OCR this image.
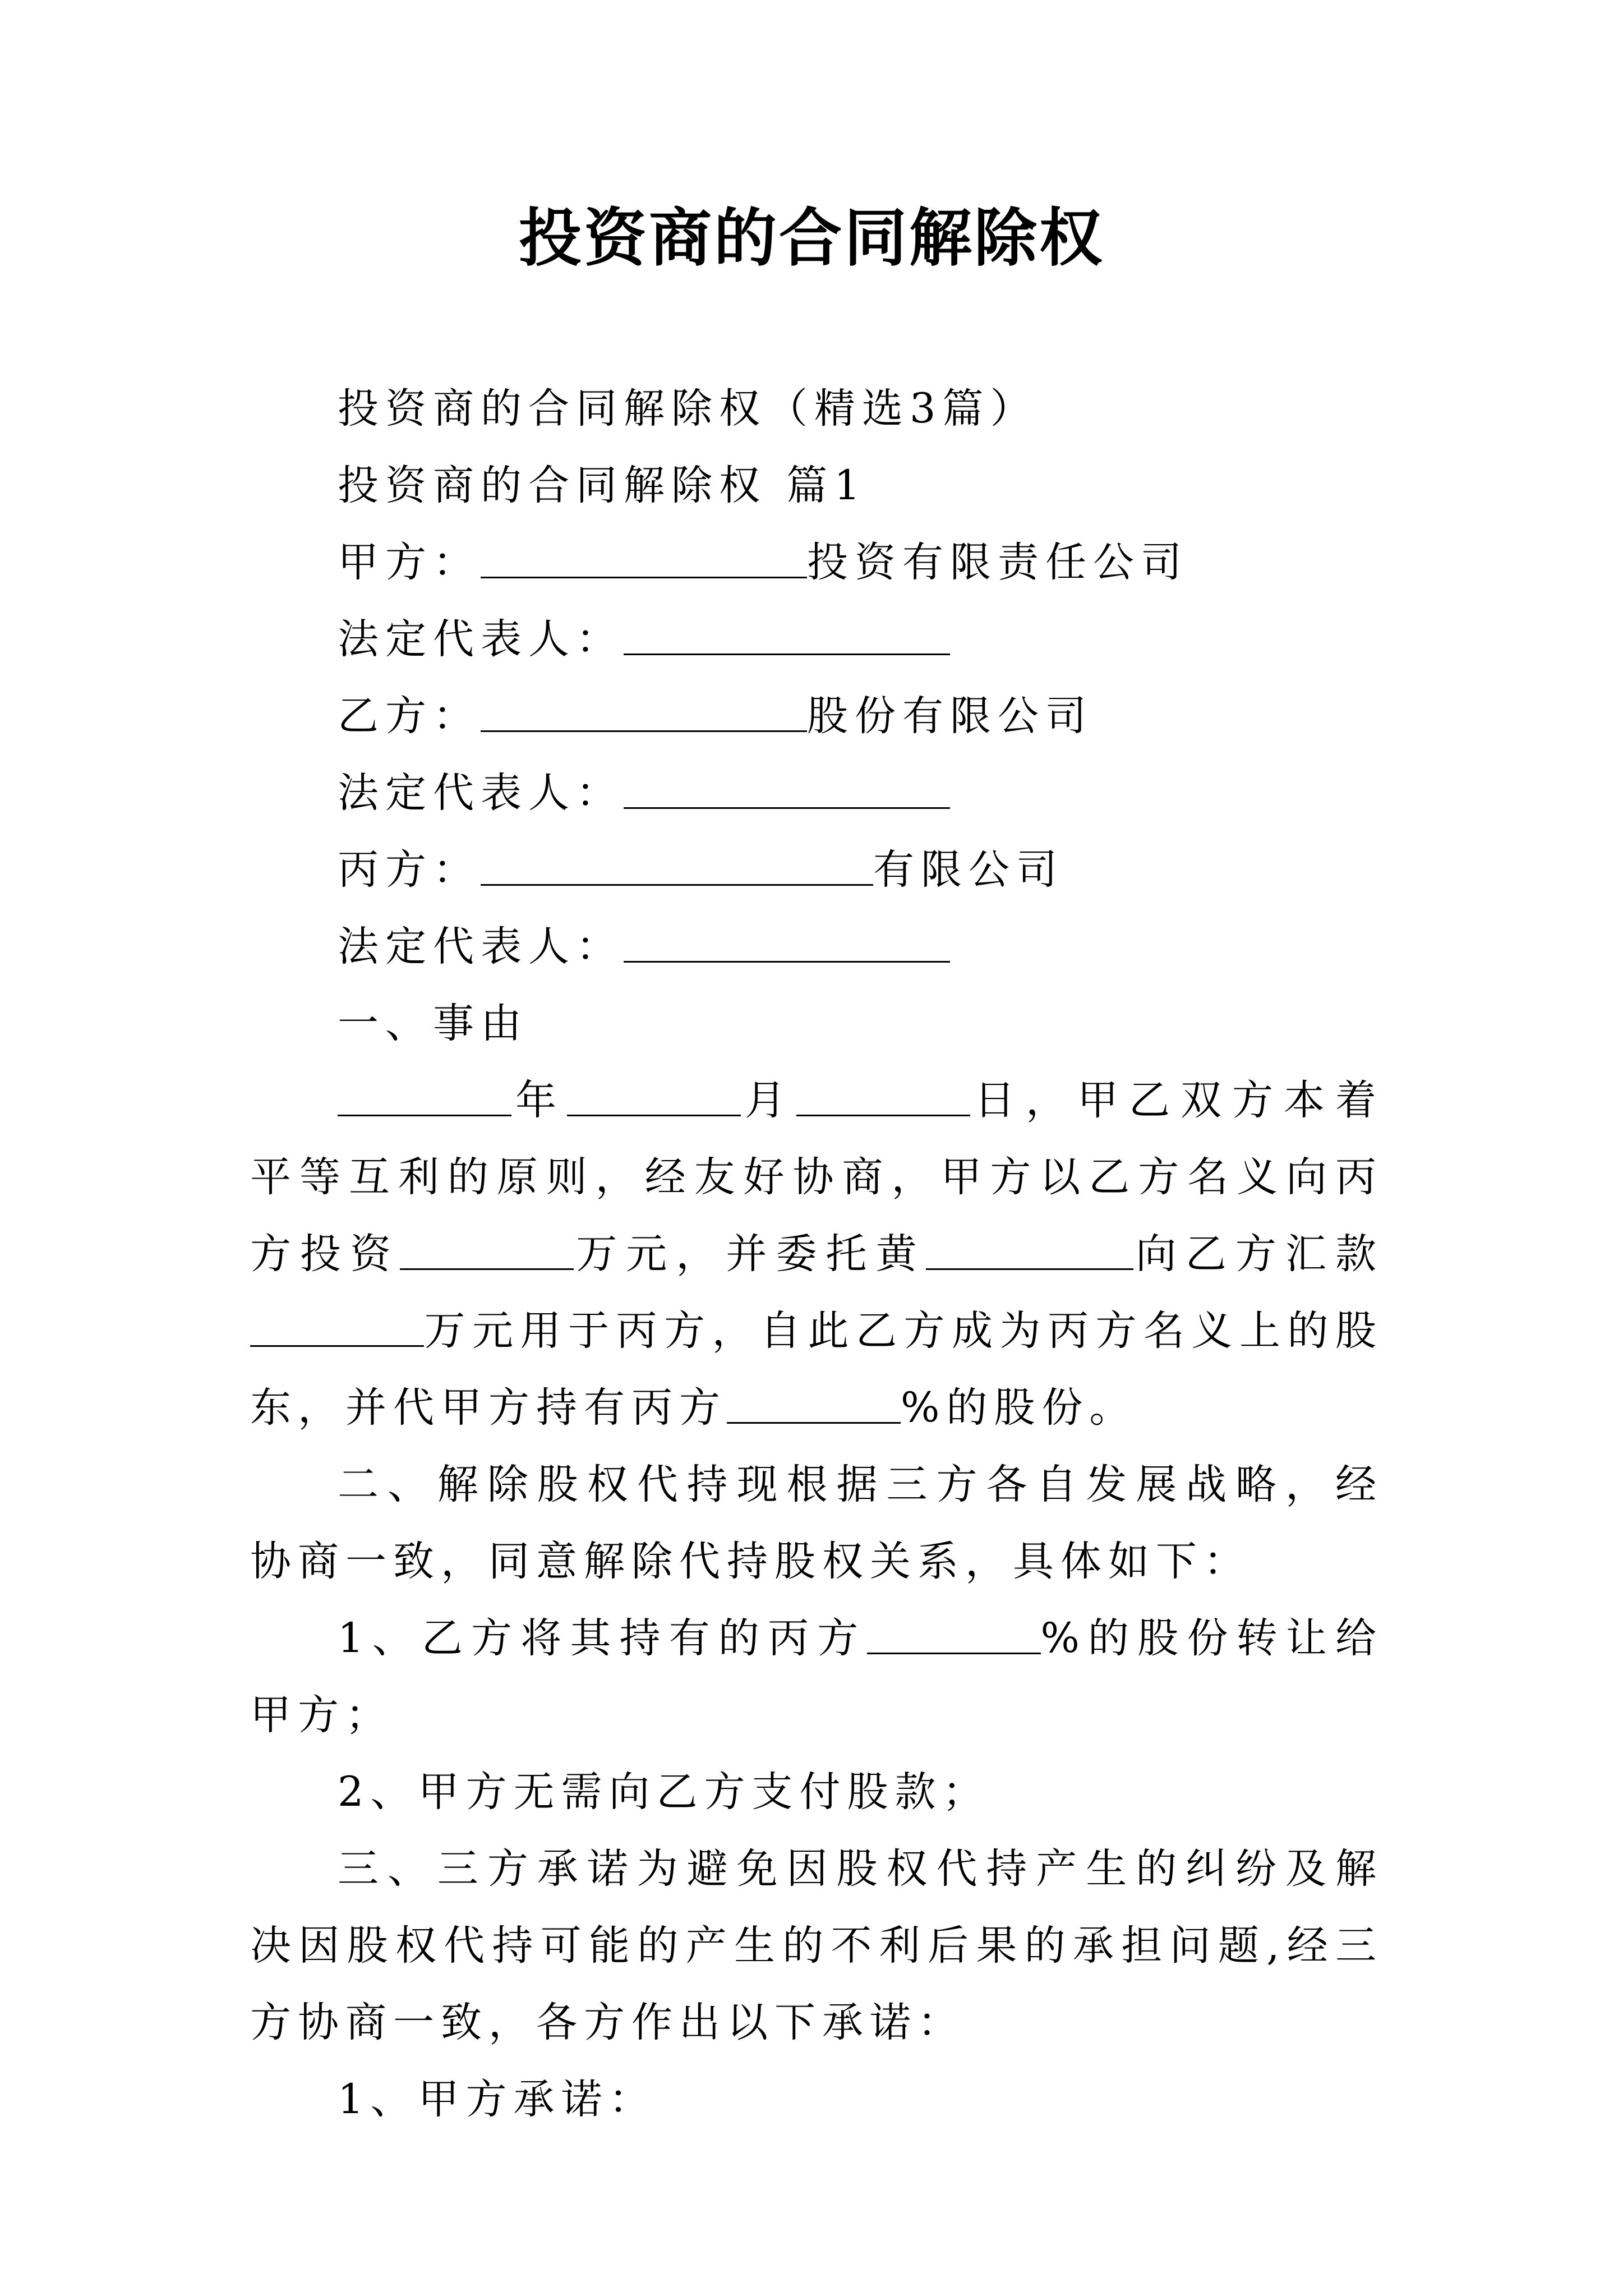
投资商的合同解除权

投资商的合同解除权（精选3篇）

投资商的合同解除权 篇1

甲方：	投资有限责任公司

法定代表人：

乙方：	股份有限公司

法定代表人：

丙方：	有限公司

法定代表人：

一、事由

年	月	日，甲乙双方本着平等互利的原则，经友好协商，甲方以乙方名义向丙方投资	万元，并委托黄	向乙方汇款万元用于丙方，自此乙方成为丙方名义上的股东，并代甲方持有丙方	%的股份。

二、解除股权代持现根据三方各自发展战略，经协商一致，同意解除代持股权关系，具体如下：

1、乙方将其持有的丙方	%的股份转让给甲方；

2、甲方无需向乙方支付股款；

三、三方承诺为避免因股权代持产生的纠纷及解决因股权代持可能的产生的不利后果的承担问题,经三方协商一致，各方作出以下承诺：

1、甲方承诺：
